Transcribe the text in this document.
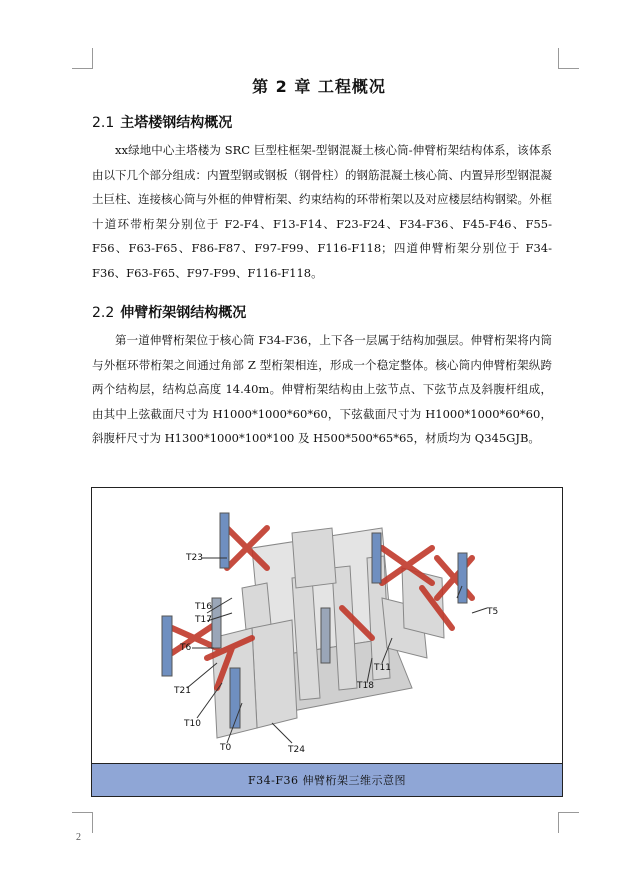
第 2 章 工程概况
2.1 主塔楼钢结构概况
xx绿地中心主塔楼为 SRC 巨型柱框架-型钢混凝土核心筒-伸臂桁架结构体系，该体系由以下几个部分组成：内置型钢或钢板（钢骨柱）的钢筋混凝土核心筒、内置异形型钢混凝土巨柱、连接核心筒与外框的伸臂桁架、约束结构的环带桁架以及对应楼层结构钢梁。外框十道环带桁架分别位于 F2-F4、F13-F14、F23-F24、F34-F36、F45-F46、F55-F56、F63-F65、F86-F87、F97-F99、F116-F118；四道伸臂桁架分别位于 F34-F36、F63-F65、F97-F99、F116-F118。
2.2 伸臂桁架钢结构概况
第一道伸臂桁架位于核心筒 F34-F36，上下各一层属于结构加强层。伸臂桁架将内筒与外框环带桁架之间通过角部 Z 型桁架相连，形成一个稳定整体。核心筒内伸臂桁架纵跨两个结构层，结构总高度 14.40m。伸臂桁架结构由上弦节点、下弦节点及斜腹杆组成，由其中上弦截面尺寸为 H1000*1000*60*60，下弦截面尺寸为 H1000*1000*60*60，斜腹杆尺寸为 H1300*1000*100*100 及 H500*500*65*65，材质均为 Q345GJB。
T23
T16
T17
T6
T5
T21
T11
T18
T10
T0	T24
F34-F36 伸臂桁架三维示意图
2
